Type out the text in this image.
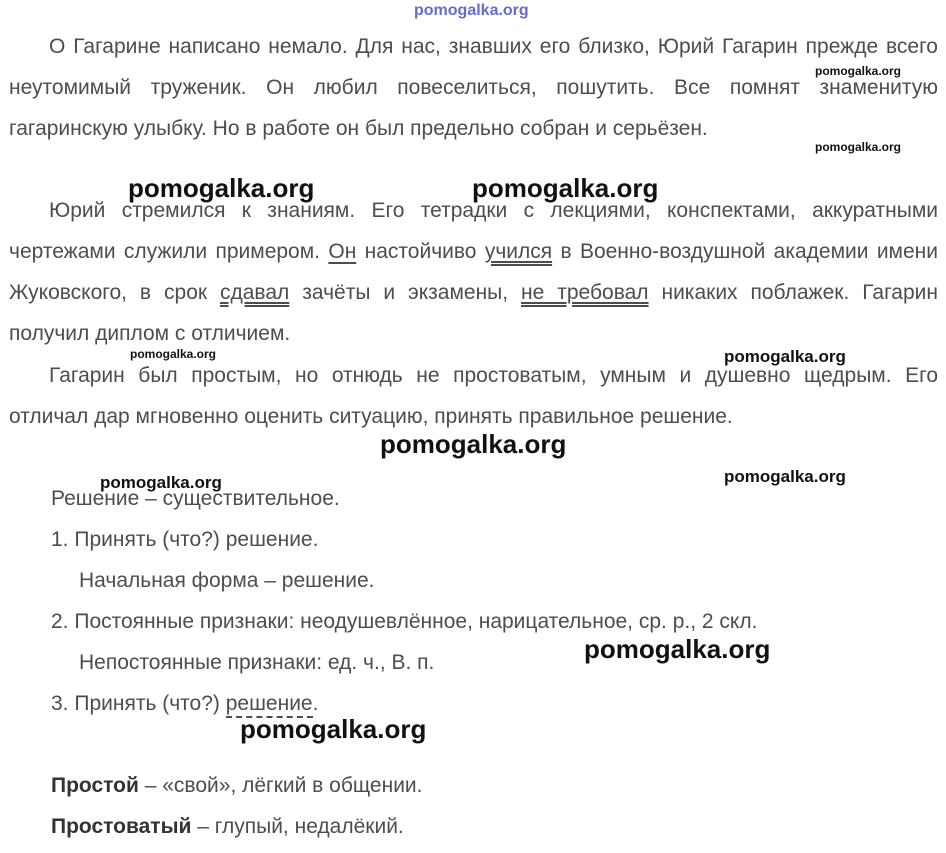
pomogalka.org

О Гагарине написано немало. Для нас, знавших его близко, Юрий Гагарин прежде всего неутомимый труженик. Он любил повеселиться, пошутить. Все помнят знаменитую гагаринскую улыбку. Но в работе он был предельно собран и серьёзен.

Юрий стремился к знаниям. Его тетрадки с лекциями, конспектами, аккуратными чертежами служили примером. Он настойчиво учился в Военно-воздушной академии имени Жуковского, в срок сдавал зачёты и экзамены, не требовал никаких поблажек. Гагарин получил диплом с отличием.

Гагарин был простым, но отнюдь не простоватым, умным и душевно щедрым. Его отличал дар мгновенно оценить ситуацию, принять правильное решение.

Решение – существительное.

1. Принять (что?) решение.

Начальная форма – решение.

2. Постоянные признаки: неодушевлённое, нарицательное, ср. р., 2 скл.

Непостоянные признаки: ед. ч., В. п.

3. Принять (что?) решение.

Простой – «свой», лёгкий в общении.

Простоватый – глупый, недалёкий.

pomogalka.org
pomogalka.org
pomogalka.org	pomogalka.org
pomogalka.org	pomogalka.org
pomogalka.org
pomogalka.org	pomogalka.org
pomogalka.org
pomogalka.org
